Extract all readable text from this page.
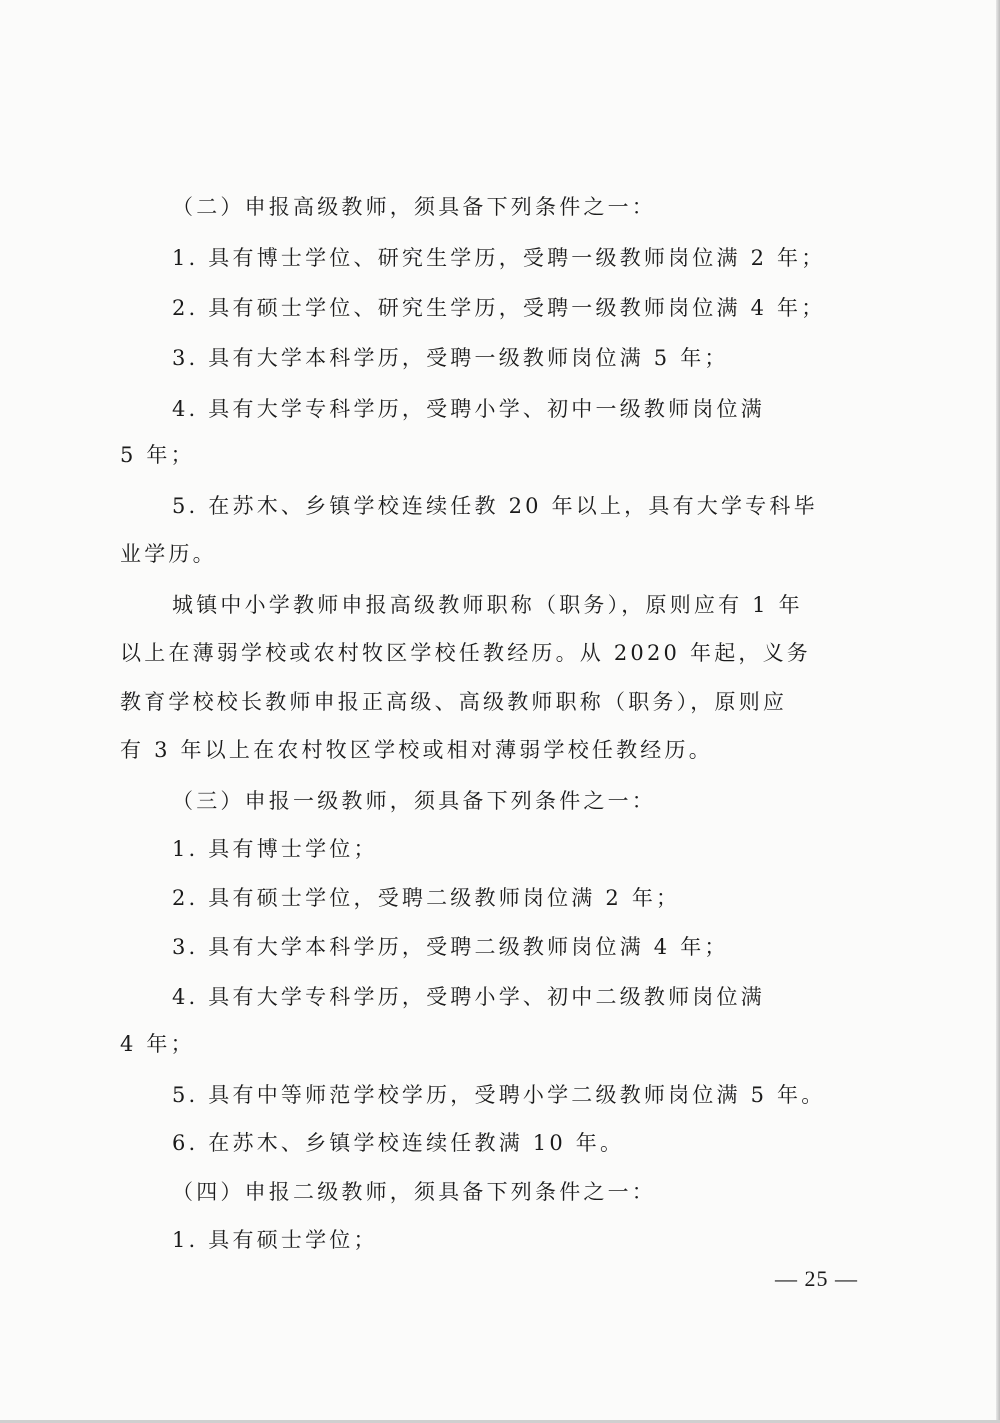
（二）申报高级教师，须具备下列条件之一：
1. 具有博士学位、研究生学历，受聘一级教师岗位满 2 年；
2. 具有硕士学位、研究生学历，受聘一级教师岗位满 4 年；
3. 具有大学本科学历，受聘一级教师岗位满 5 年；
4. 具有大学专科学历，受聘小学、初中一级教师岗位满
5 年；
5. 在苏木、乡镇学校连续任教 20 年以上，具有大学专科毕
业学历。
城镇中小学教师申报高级教师职称（职务），原则应有 1 年
以上在薄弱学校或农村牧区学校任教经历。从 2020 年起，义务
教育学校校长教师申报正高级、高级教师职称（职务），原则应
有 3 年以上在农村牧区学校或相对薄弱学校任教经历。
（三）申报一级教师，须具备下列条件之一：
1. 具有博士学位；
2. 具有硕士学位，受聘二级教师岗位满 2 年；
3. 具有大学本科学历，受聘二级教师岗位满 4 年；
4. 具有大学专科学历，受聘小学、初中二级教师岗位满
4 年；
5. 具有中等师范学校学历，受聘小学二级教师岗位满 5 年。
6. 在苏木、乡镇学校连续任教满 10 年。
（四）申报二级教师，须具备下列条件之一：
1. 具有硕士学位；
— 25 —
